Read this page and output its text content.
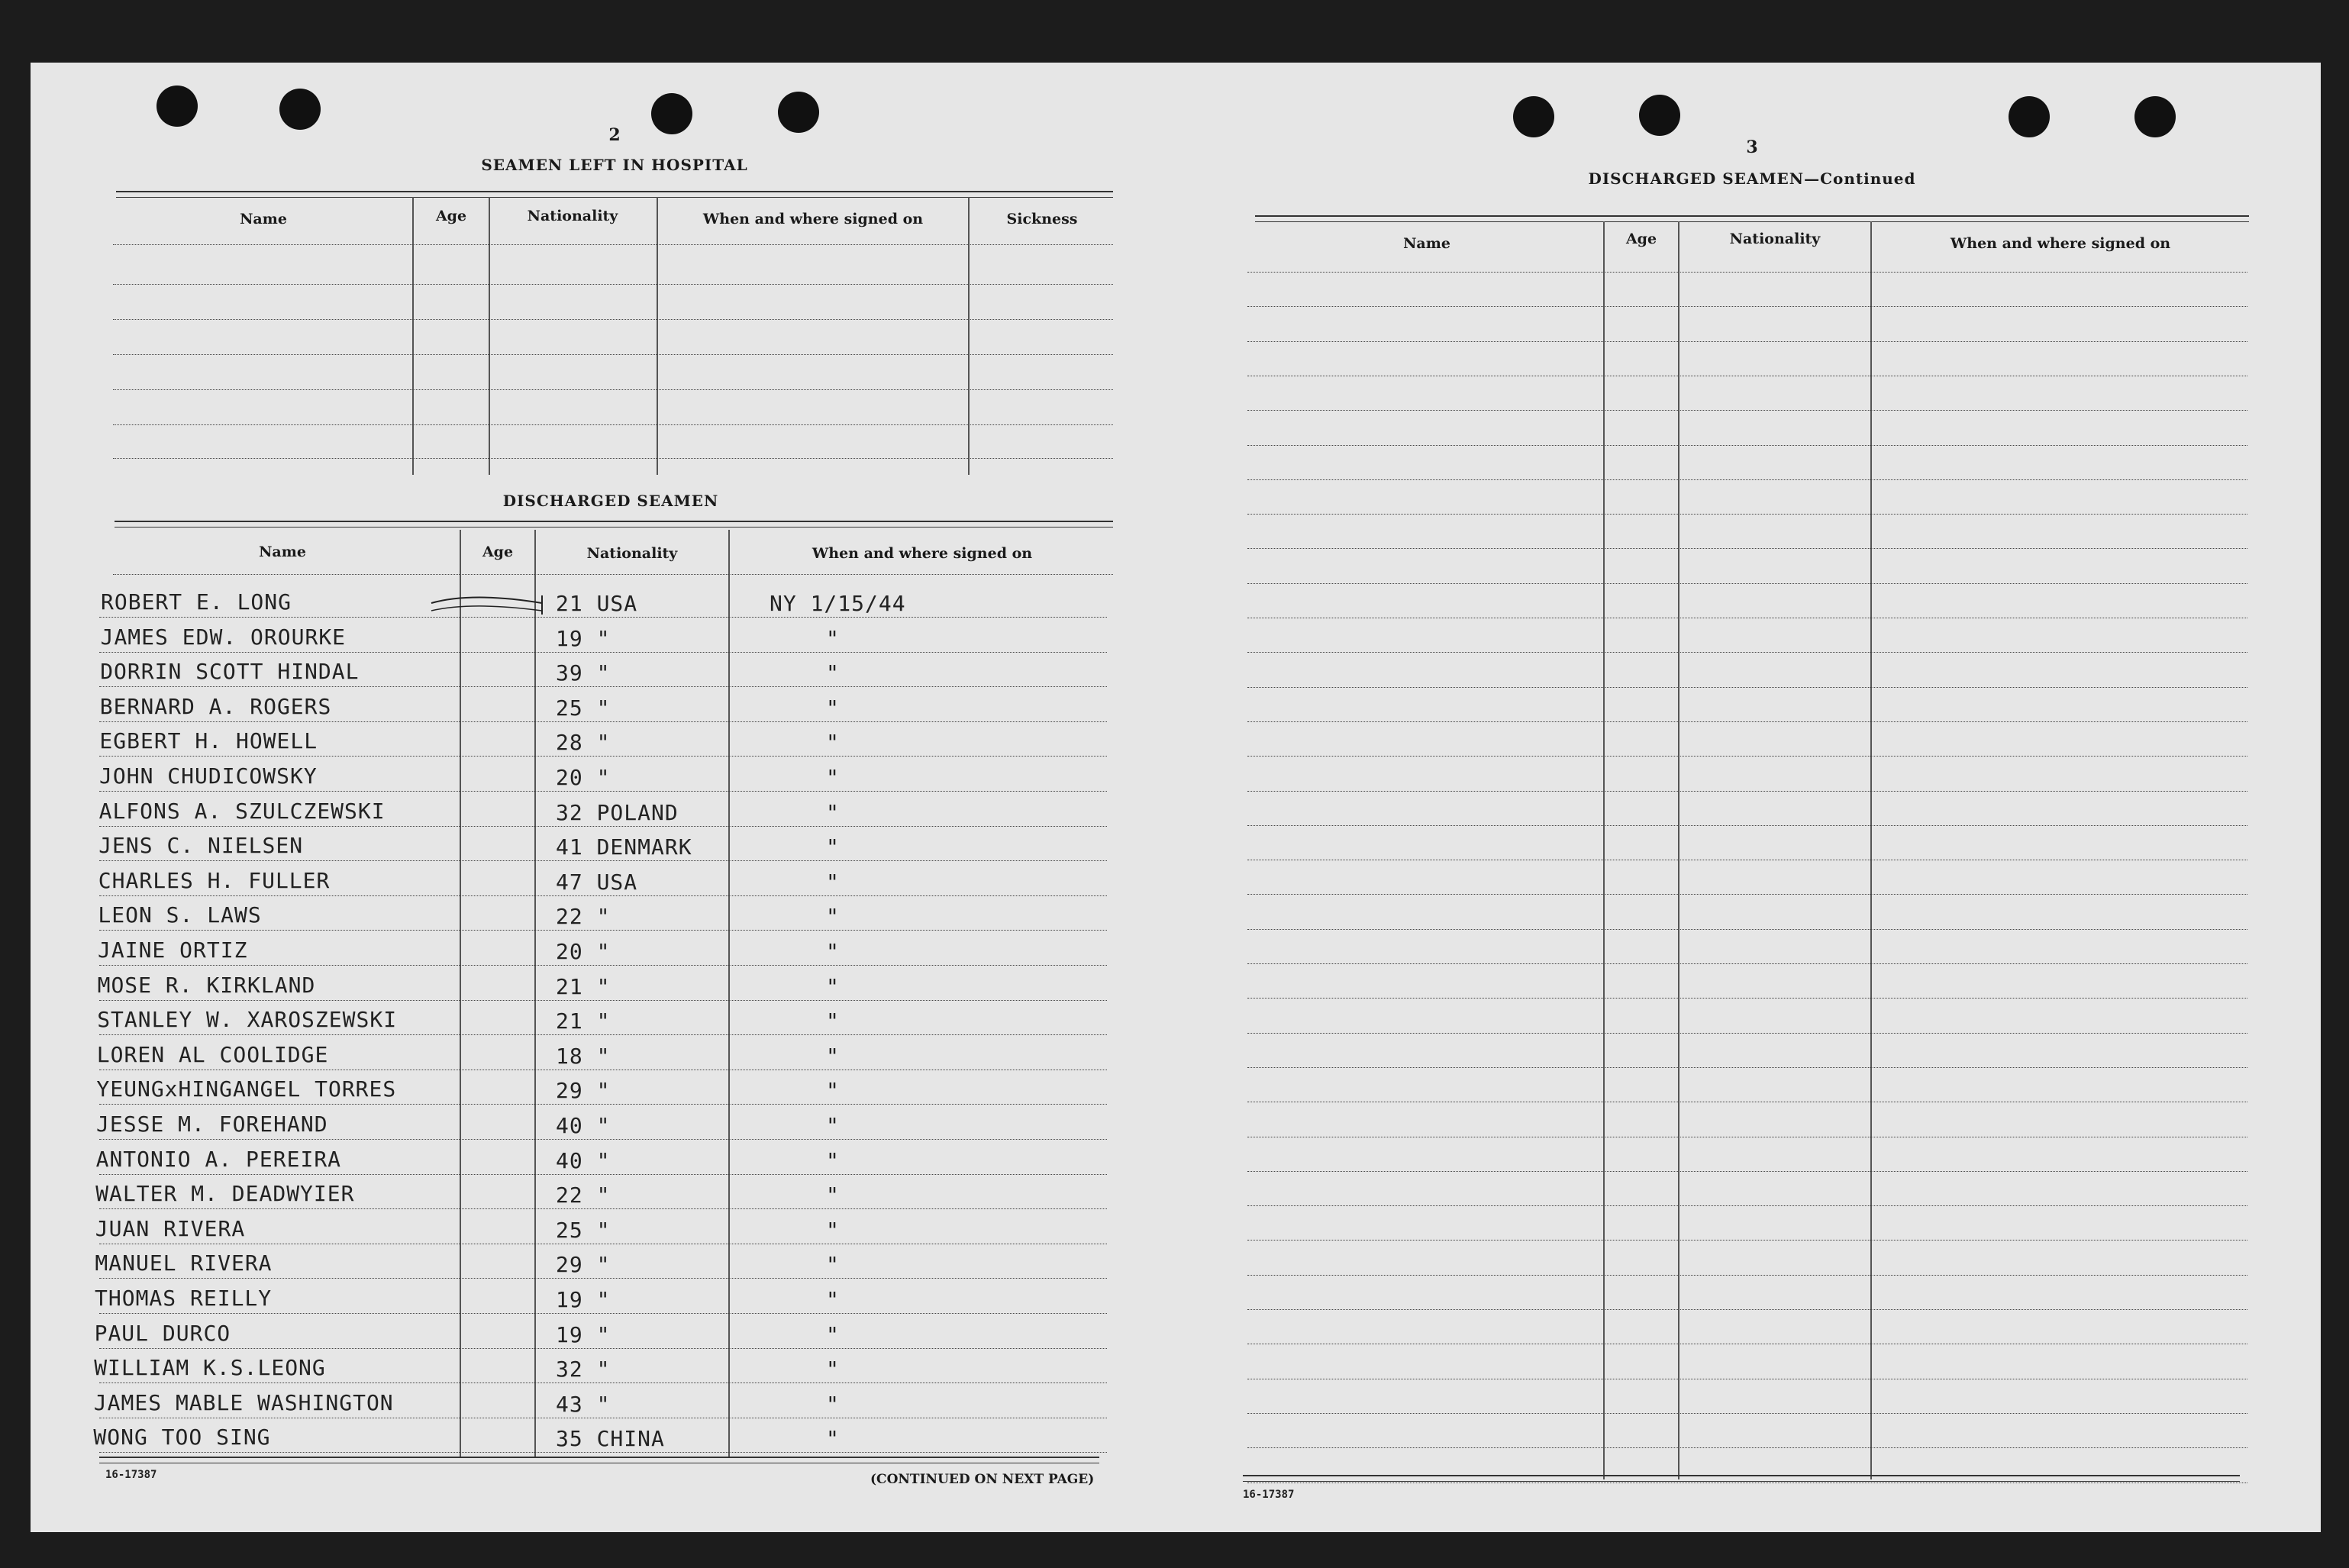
2
SEAMEN LEFT IN HOSPITAL
Name	Age	Nationality	When and where signed on	Sickness
DISCHARGED SEAMEN
Name	Age	Nationality	When and where signed on
ROBERT E. LONG	21 USA	NY 1/15/44
JAMES EDW. OROURKE	19 "	"
DORRIN SCOTT HINDAL	39 "	"
BERNARD A. ROGERS	25 "	"
EGBERT H. HOWELL	28 "	"
JOHN CHUDICOWSKY	20 "	"
ALFONS A. SZULCZEWSKI	32 POLAND	"
JENS C. NIELSEN	41 DENMARK	"
CHARLES H. FULLER	47 USA	"
LEON S. LAWS	22 "	"
JAINE ORTIZ	20 "	"
MOSE R. KIRKLAND	21 "	"
STANLEY W. XAROSZEWSKI	21 "	"
LOREN AL COOLIDGE	18 "	"
YEUNGxHINGANGEL TORRES	29 "	"
JESSE M. FOREHAND	40 "	"
ANTONIO A. PEREIRA	40 "	"
WALTER M. DEADWYIER	22 "	"
JUAN RIVERA	25 "	"
MANUEL RIVERA	29 "	"
THOMAS REILLY	19 "	"
PAUL DURCO	19 "	"
WILLIAM K.S.LEONG	32 "	"
JAMES MABLE WASHINGTON	43 "	"
WONG TOO SING	35 CHINA	"
16-17387	(CONTINUED ON NEXT PAGE)
3
DISCHARGED SEAMEN—Continued
Name	Age	Nationality	When and where signed on
16-17387
